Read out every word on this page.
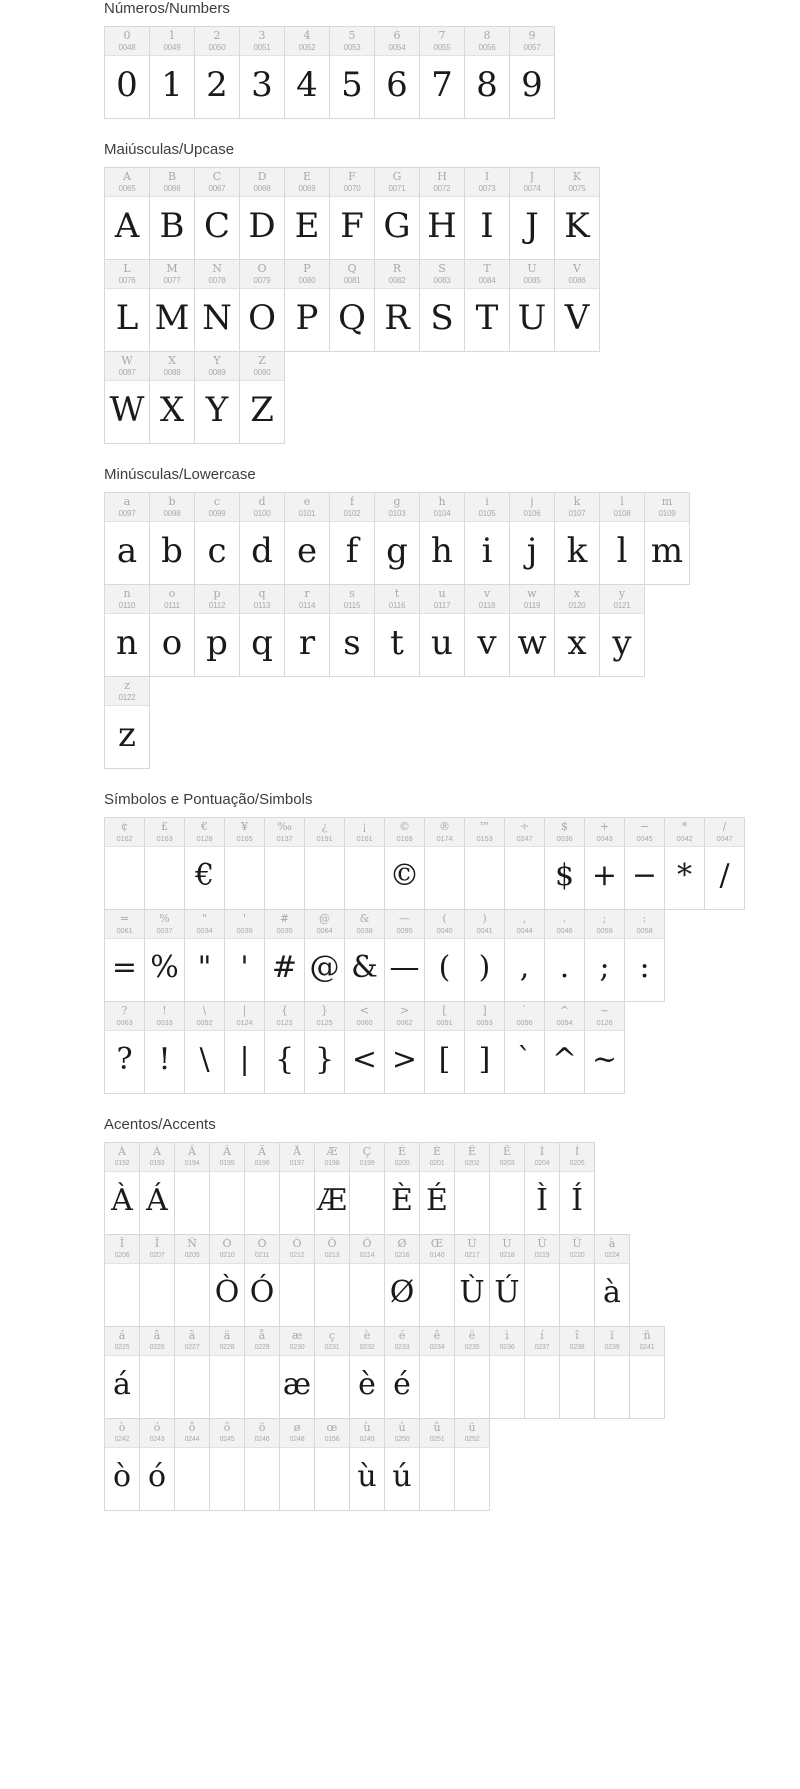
Números/Numbers
0
0048
0
1
0049
1
2
0050
2
3
0051
3
4
0052
4
5
0053
5
6
0054
6
7
0055
7
8
0056
8
9
0057
9
Maiúsculas/Upcase
A
0065
A
B
0066
B
C
0067
C
D
0068
D
E
0069
E
F
0070
F
G
0071
G
H
0072
H
I
0073
I
J
0074
J
K
0075
K
L
0076
L
M
0077
M
N
0078
N
O
0079
O
P
0080
P
Q
0081
Q
R
0082
R
S
0083
S
T
0084
T
U
0085
U
V
0086
V
W
0087
W
X
0088
X
Y
0089
Y
Z
0090
Z
Minúsculas/Lowercase
a
0097
a
b
0098
b
c
0099
c
d
0100
d
e
0101
e
f
0102
f
g
0103
g
h
0104
h
i
0105
i
j
0106
j
k
0107
k
l
0108
l
m
0109
m
n
0110
n
o
0111
o
p
0112
p
q
0113
q
r
0114
r
s
0115
s
t
0116
t
u
0117
u
v
0118
v
w
0119
w
x
0120
x
y
0121
y
z
0122
z
Símbolos e Pontuação/Simbols
¢
0162
£
0163
€
0128
€
¥
0165
‰
0137
¿
0191
¡
0161
©
0169
©
®
0174
™
0153
÷
0247
$
0036
$
+
0043
+
−
0045
−
*
0042
*
/
0047
/
=
0061
=
%
0037
%
"
0034
"
'
0039
'
#
0035
#
@
0064
@
&
0038
&
—
0095
—
(
0040
(
)
0041
)
,
0044
,
.
0046
.
;
0059
;
:
0058
:
?
0063
?
!
0033
!
\
0092
\
|
0124
|
{
0123
{
}
0125
}
<
0060
<
>
0062
>
[
0091
[
]
0093
]
`
0096
`
^
0094
^
~
0126
~
Acentos/Accents
À
0192
À
Á
0193
Á
Â
0194
Ã
0195
Ä
0196
Å
0197
Æ
0198
Æ
Ç
0199
È
0200
È
É
0201
É
Ê
0202
Ë
0203
Ì
0204
Ì
Í
0205
Í
Î
0206
Ï
0207
Ñ
0209
Ò
0210
Ò
Ó
0211
Ó
Ô
0212
Õ
0213
Ö
0214
Ø
0216
Ø
Œ
0140
Ù
0217
Ù
Ú
0218
Ú
Û
0219
Ü
0220
à
0224
à
á
0225
á
â
0226
ã
0227
ä
0228
å
0229
æ
0230
æ
ç
0231
è
0232
è
é
0233
é
ê
0234
ë
0235
ì
0236
í
0237
î
0238
ï
0239
ñ
0241
ò
0242
ò
ó
0243
ó
ô
0244
õ
0245
ö
0246
ø
0248
œ
0156
ù
0249
ù
ú
0250
ú
û
0251
ü
0252
